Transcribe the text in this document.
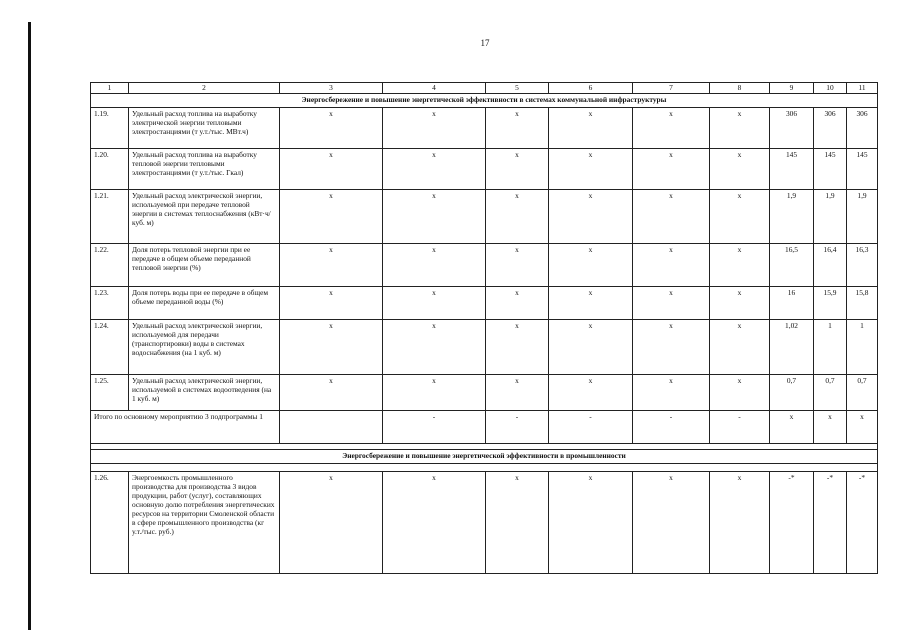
17
1	2	3	4	5	6	7	8	9	10	11
Энергосбережение и повышение энергетической эффективности в системах коммунальной инфраструктуры										
1.19.	Удельный расход топлива на выработку электрической энергии тепловыми электростанциями (т у.т./тыс. МВт.ч)	х	х	х	х	х	х	306	306	306
1.20.	Удельный расход топлива на выработку тепловой энергии тепловыми электростанциями (т у.т./тыс. Гкал)	х	х	х	х	х	х	145	145	145
1.21.	Удельный расход электрической энергии, используемой при передаче тепловой энергии в системах теплоснабжения (кВт·ч/куб. м)	х	х	х	х	х	х	1,9	1,9	1,9
1.22.	Доля потерь тепловой энергии при ее передаче в общем объеме переданной тепловой энергии (%)	х	х	х	х	х	х	16,5	16,4	16,3
1.23.	Доля потерь воды при ее передаче в общем объеме переданной воды (%)	х	х	х	х	х	х	16	15,9	15,8
1.24.	Удельный расход электрической энергии, используемой для передачи (транспортировки) воды в системах водоснабжения (на 1 куб. м)	х	х	х	х	х	х	1,02	1	1
1.25.	Удельный расход электрической энергии, используемой в системах водоотведения (на 1 куб. м)	х	х	х	х	х	х	0,7	0,7	0,7
Итого по основному мероприятию 3 подпрограммы 1			-	-	-	-	-	х	х	х

Энергосбережение и повышение энергетической эффективности в промышленности										

1.26.	Энергоемкость промышленного производства для производства 3 видов продукции, работ (услуг), составляющих основную долю потребления энергетических ресурсов на территории Смоленской области в сфере промышленного производства (кг у.т./тыс. руб.)	х	х	х	х	х	х	-*	-*	-*
